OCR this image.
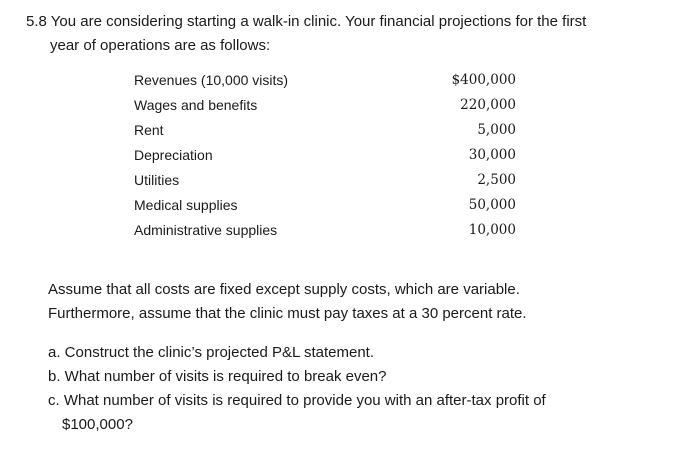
5.8 You are considering starting a walk-in clinic. Your financial projections for the first
year of operations are as follows:
Revenues (10,000 visits)	$400,000
Wages and benefits	220,000
Rent	5,000
Depreciation	30,000
Utilities	2,500
Medical supplies	50,000
Administrative supplies	10,000
Assume that all costs are fixed except supply costs, which are variable.
Furthermore, assume that the clinic must pay taxes at a 30 percent rate.
a. Construct the clinic’s projected P&L statement.
b. What number of visits is required to break even?
c. What number of visits is required to provide you with an after-tax profit of
$100,000?
